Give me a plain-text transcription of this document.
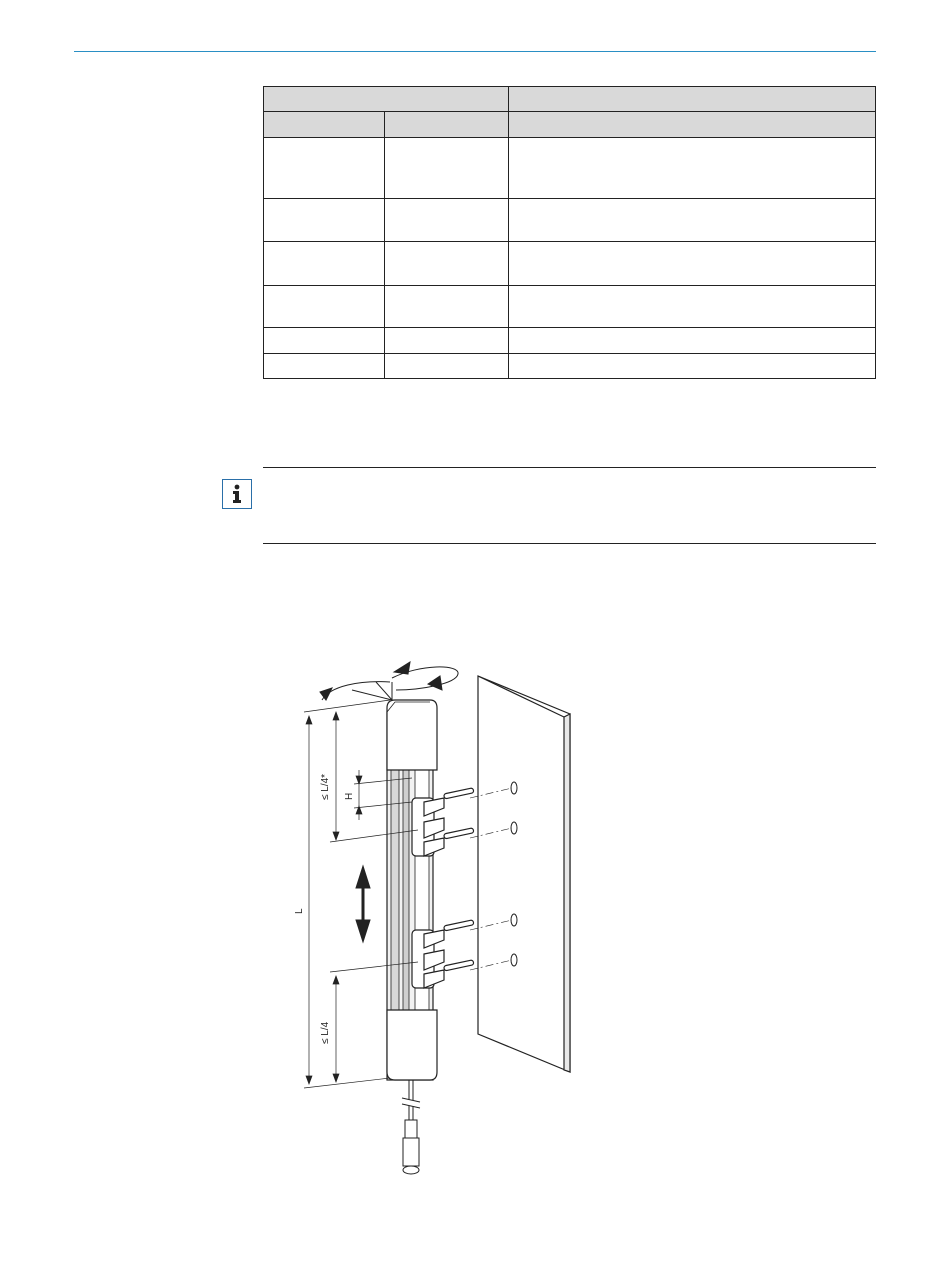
≤ L/4* H
L
≤ L/4
